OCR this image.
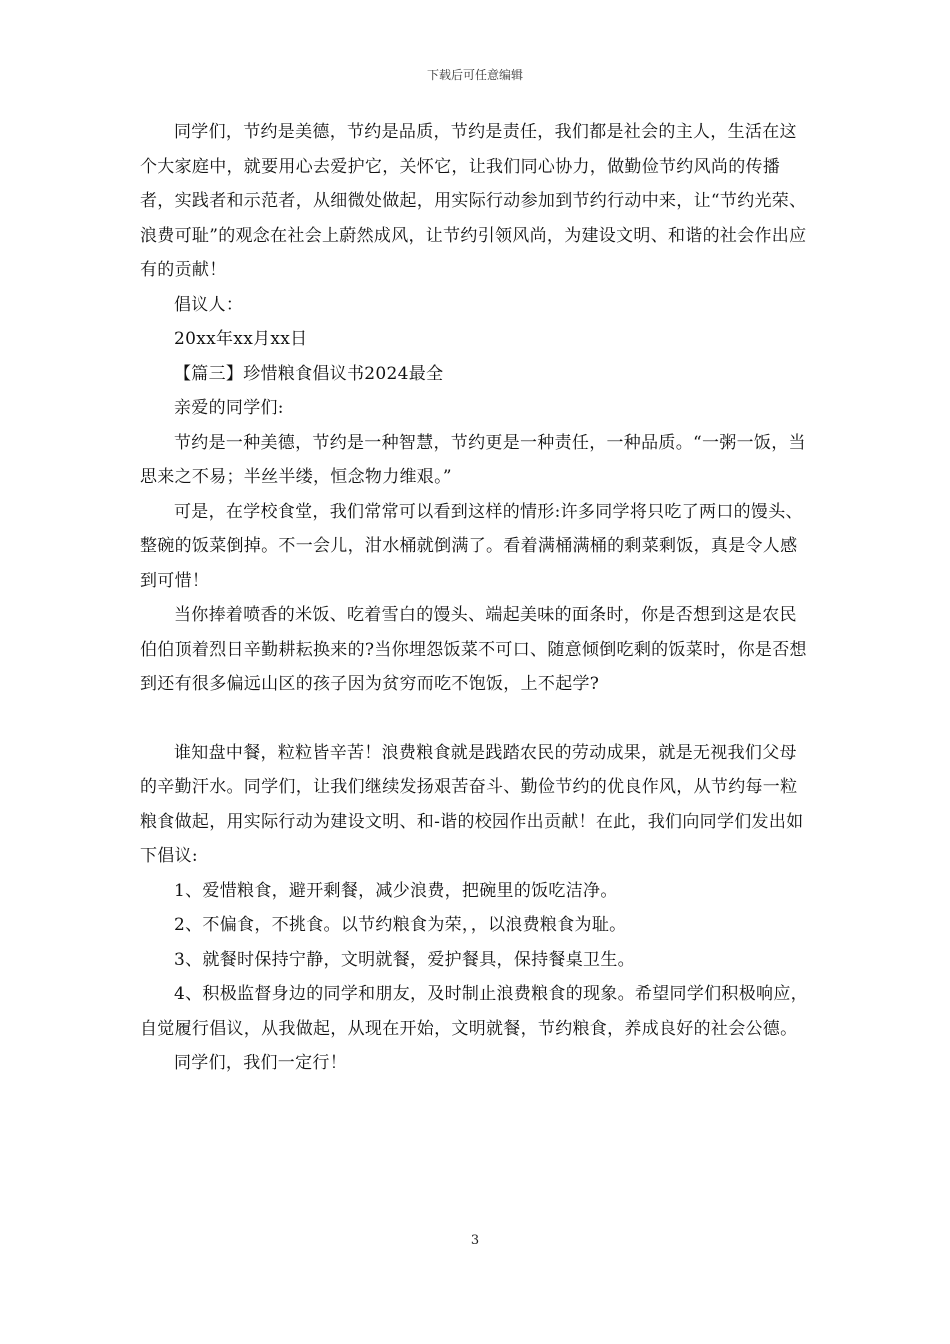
下载后可任意编辑

同学们，节约是美德，节约是品质，节约是责任，我们都是社会的主人，生活在这个大家庭中，就要用心去爱护它，关怀它，让我们同心协力，做勤俭节约风尚的传播者，实践者和示范者，从细微处做起，用实际行动参加到节约行动中来，让“节约光荣、浪费可耻”的观念在社会上蔚然成风，让节约引领风尚，为建设文明、和谐的社会作出应有的贡献！

倡议人：

20xx年xx月xx日

【篇三】珍惜粮食倡议书2024最全

亲爱的同学们:

节约是一种美德，节约是一种智慧，节约更是一种责任，一种品质。“一粥一饭，当思来之不易；半丝半缕，恒念物力维艰。”

可是，在学校食堂，我们常常可以看到这样的情形:许多同学将只吃了两口的馒头、整碗的饭菜倒掉。不一会儿，泔水桶就倒满了。看着满桶满桶的剩菜剩饭，真是令人感到可惜！

当你捧着喷香的米饭、吃着雪白的馒头、端起美味的面条时，你是否想到这是农民伯伯顶着烈日辛勤耕耘换来的?当你埋怨饭菜不可口、随意倾倒吃剩的饭菜时，你是否想到还有很多偏远山区的孩子因为贫穷而吃不饱饭，上不起学?

谁知盘中餐，粒粒皆辛苦！浪费粮食就是践踏农民的劳动成果，就是无视我们父母的辛勤汗水。同学们，让我们继续发扬艰苦奋斗、勤俭节约的优良作风，从节约每一粒粮食做起，用实际行动为建设文明、和-谐的校园作出贡献！在此，我们向同学们发出如下倡议:

1、爱惜粮食，避开剩餐，减少浪费，把碗里的饭吃洁净。

2、不偏食，不挑食。以节约粮食为荣，，以浪费粮食为耻。

3、就餐时保持宁静，文明就餐，爱护餐具，保持餐桌卫生。

4、积极监督身边的同学和朋友，及时制止浪费粮食的现象。希望同学们积极响应，自觉履行倡议，从我做起，从现在开始，文明就餐，节约粮食，养成良好的社会公德。

同学们，我们一定行！

3
